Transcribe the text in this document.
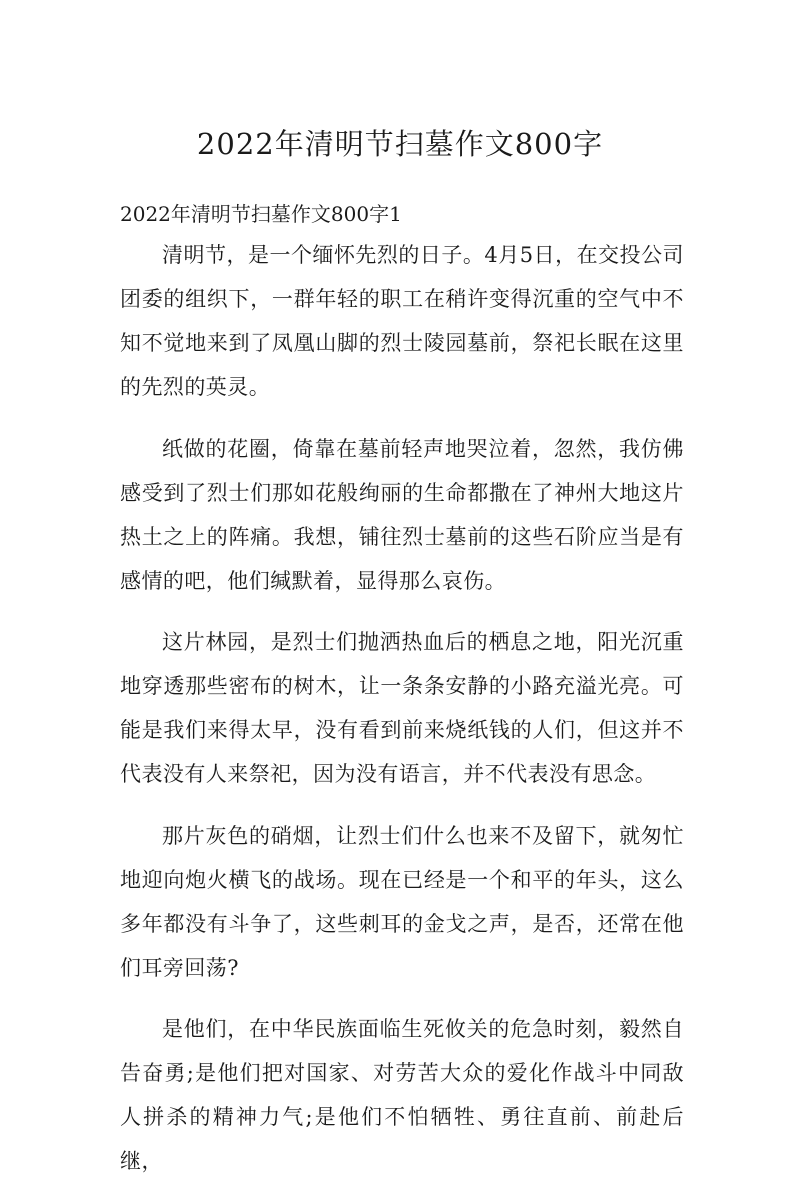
2022年清明节扫墓作文800字

2022年清明节扫墓作文800字1

清明节，是一个缅怀先烈的日子。4月5日，在交投公司团委的组织下，一群年轻的职工在稍许变得沉重的空气中不知不觉地来到了凤凰山脚的烈士陵园墓前，祭祀长眠在这里的先烈的英灵。

纸做的花圈，倚靠在墓前轻声地哭泣着，忽然，我仿佛感受到了烈士们那如花般绚丽的生命都撒在了神州大地这片热土之上的阵痛。我想，铺往烈士墓前的这些石阶应当是有感情的吧，他们缄默着，显得那么哀伤。

这片林园，是烈士们抛洒热血后的栖息之地，阳光沉重地穿透那些密布的树木，让一条条安静的小路充溢光亮。可能是我们来得太早，没有看到前来烧纸钱的人们，但这并不代表没有人来祭祀，因为没有语言，并不代表没有思念。

那片灰色的硝烟，让烈士们什么也来不及留下，就匆忙地迎向炮火横飞的战场。现在已经是一个和平的年头，这么多年都没有斗争了，这些刺耳的金戈之声，是否，还常在他们耳旁回荡?

是他们，在中华民族面临生死攸关的危急时刻，毅然自告奋勇;是他们把对国家、对劳苦大众的爱化作战斗中同敌人拼杀的精神力气;是他们不怕牺牲、勇往直前、前赴后继，
